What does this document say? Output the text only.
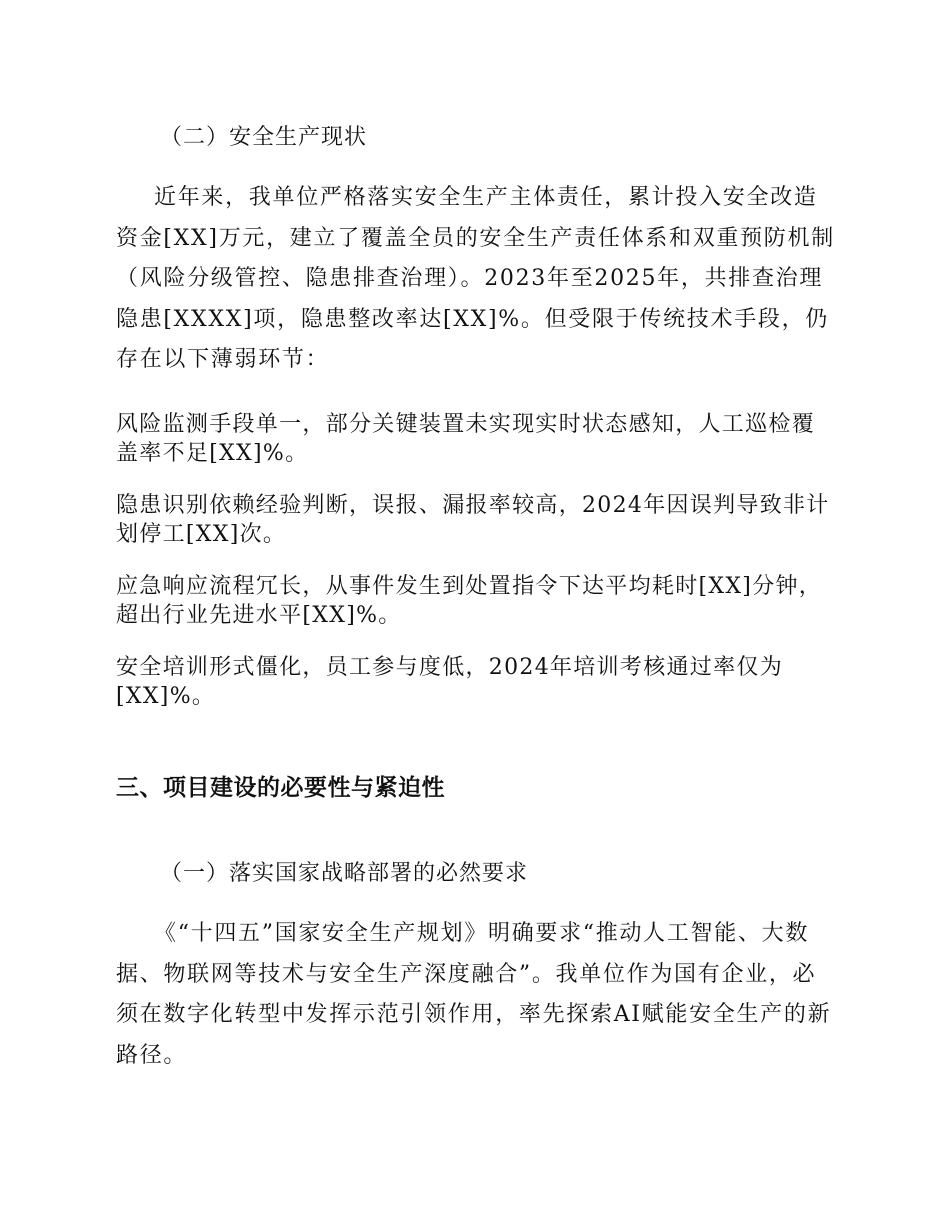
（二）安全生产现状

近年来，我单位严格落实安全生产主体责任，累计投入安全改造资金[XX]万元，建立了覆盖全员的安全生产责任体系和双重预防机制（风险分级管控、隐患排查治理）。2023年至2025年，共排查治理隐患[XXXX]项，隐患整改率达[XX]%。但受限于传统技术手段，仍存在以下薄弱环节：

风险监测手段单一，部分关键装置未实现实时状态感知，人工巡检覆盖率不足[XX]%。

隐患识别依赖经验判断，误报、漏报率较高，2024年因误判导致非计划停工[XX]次。

应急响应流程冗长，从事件发生到处置指令下达平均耗时[XX]分钟，超出行业先进水平[XX]%。

安全培训形式僵化，员工参与度低，2024年培训考核通过率仅为[XX]%。

三、项目建设的必要性与紧迫性

（一）落实国家战略部署的必然要求

《“十四五”国家安全生产规划》明确要求“推动人工智能、大数据、物联网等技术与安全生产深度融合”。我单位作为国有企业，必须在数字化转型中发挥示范引领作用，率先探索AI赋能安全生产的新路径。
